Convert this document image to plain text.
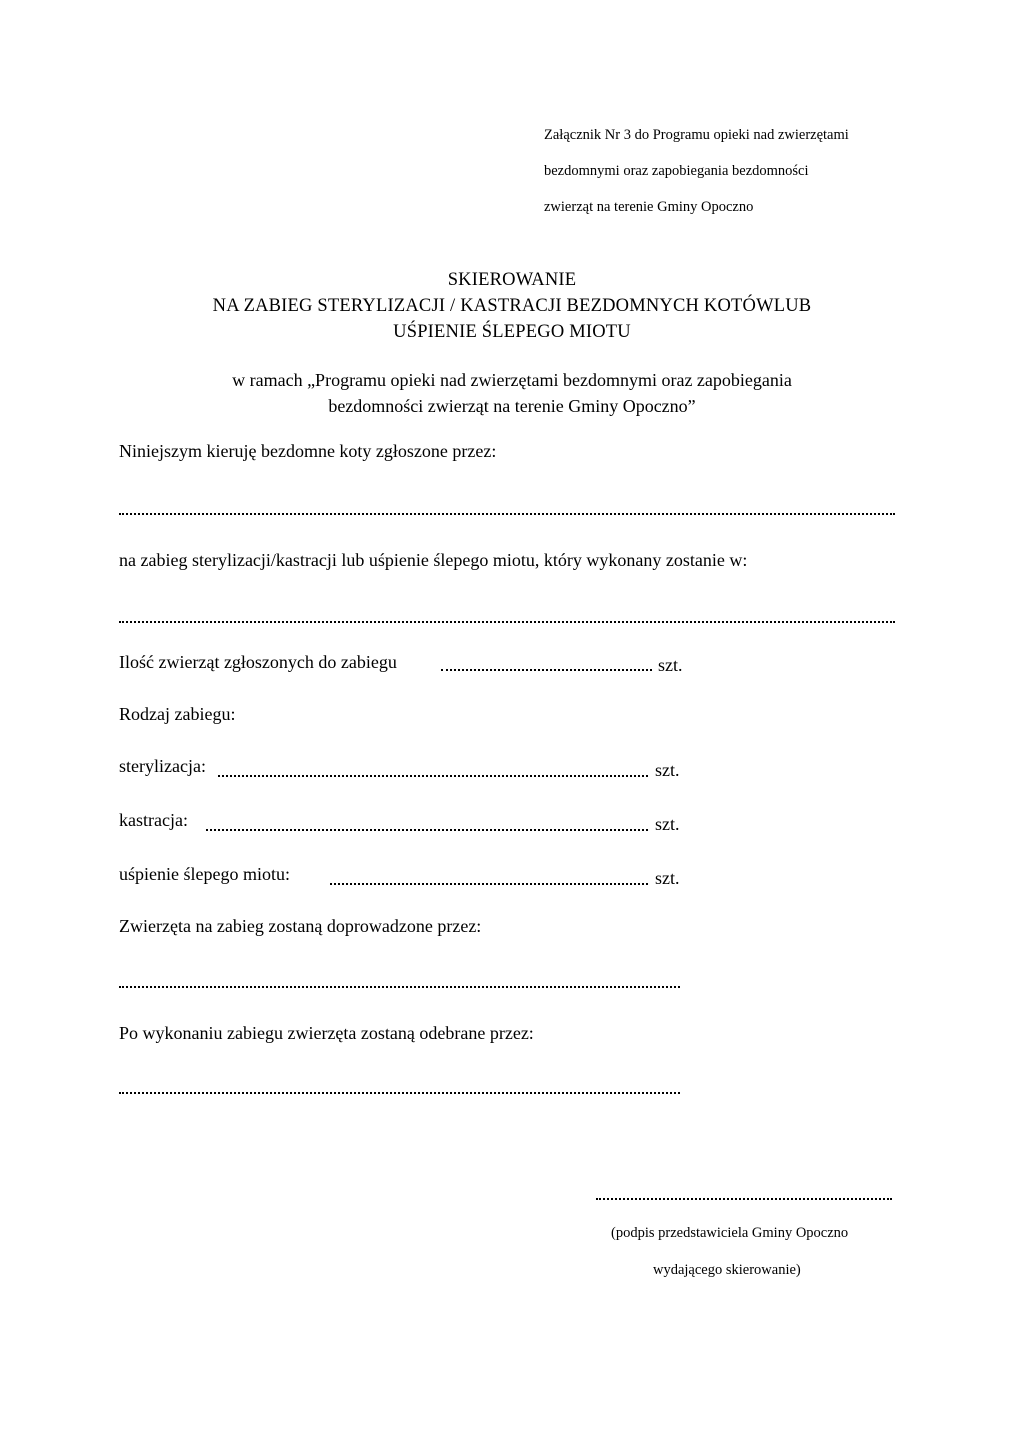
Załącznik Nr 3 do Programu opieki nad zwierzętami
bezdomnymi oraz zapobiegania bezdomności
zwierząt na terenie Gminy Opoczno
SKIEROWANIE
NA ZABIEG STERYLIZACJI / KASTRACJI BEZDOMNYCH KOTÓWLUB
UŚPIENIE ŚLEPEGO MIOTU
w ramach „Programu opieki nad zwierzętami bezdomnymi oraz zapobiegania
bezdomności zwierząt na terenie Gminy Opoczno”
Niniejszym kieruję bezdomne koty zgłoszone przez:
na zabieg sterylizacji/kastracji lub uśpienie ślepego miotu, który wykonany zostanie w:
Ilość zwierząt zgłoszonych do zabiegu	szt.
Rodzaj zabiegu:
sterylizacja:	szt.
kastracja:	szt.
uśpienie ślepego miotu:	szt.
Zwierzęta na zabieg zostaną doprowadzone przez:
Po wykonaniu zabiegu zwierzęta zostaną odebrane przez:
(podpis przedstawiciela Gminy Opoczno
wydającego skierowanie)
